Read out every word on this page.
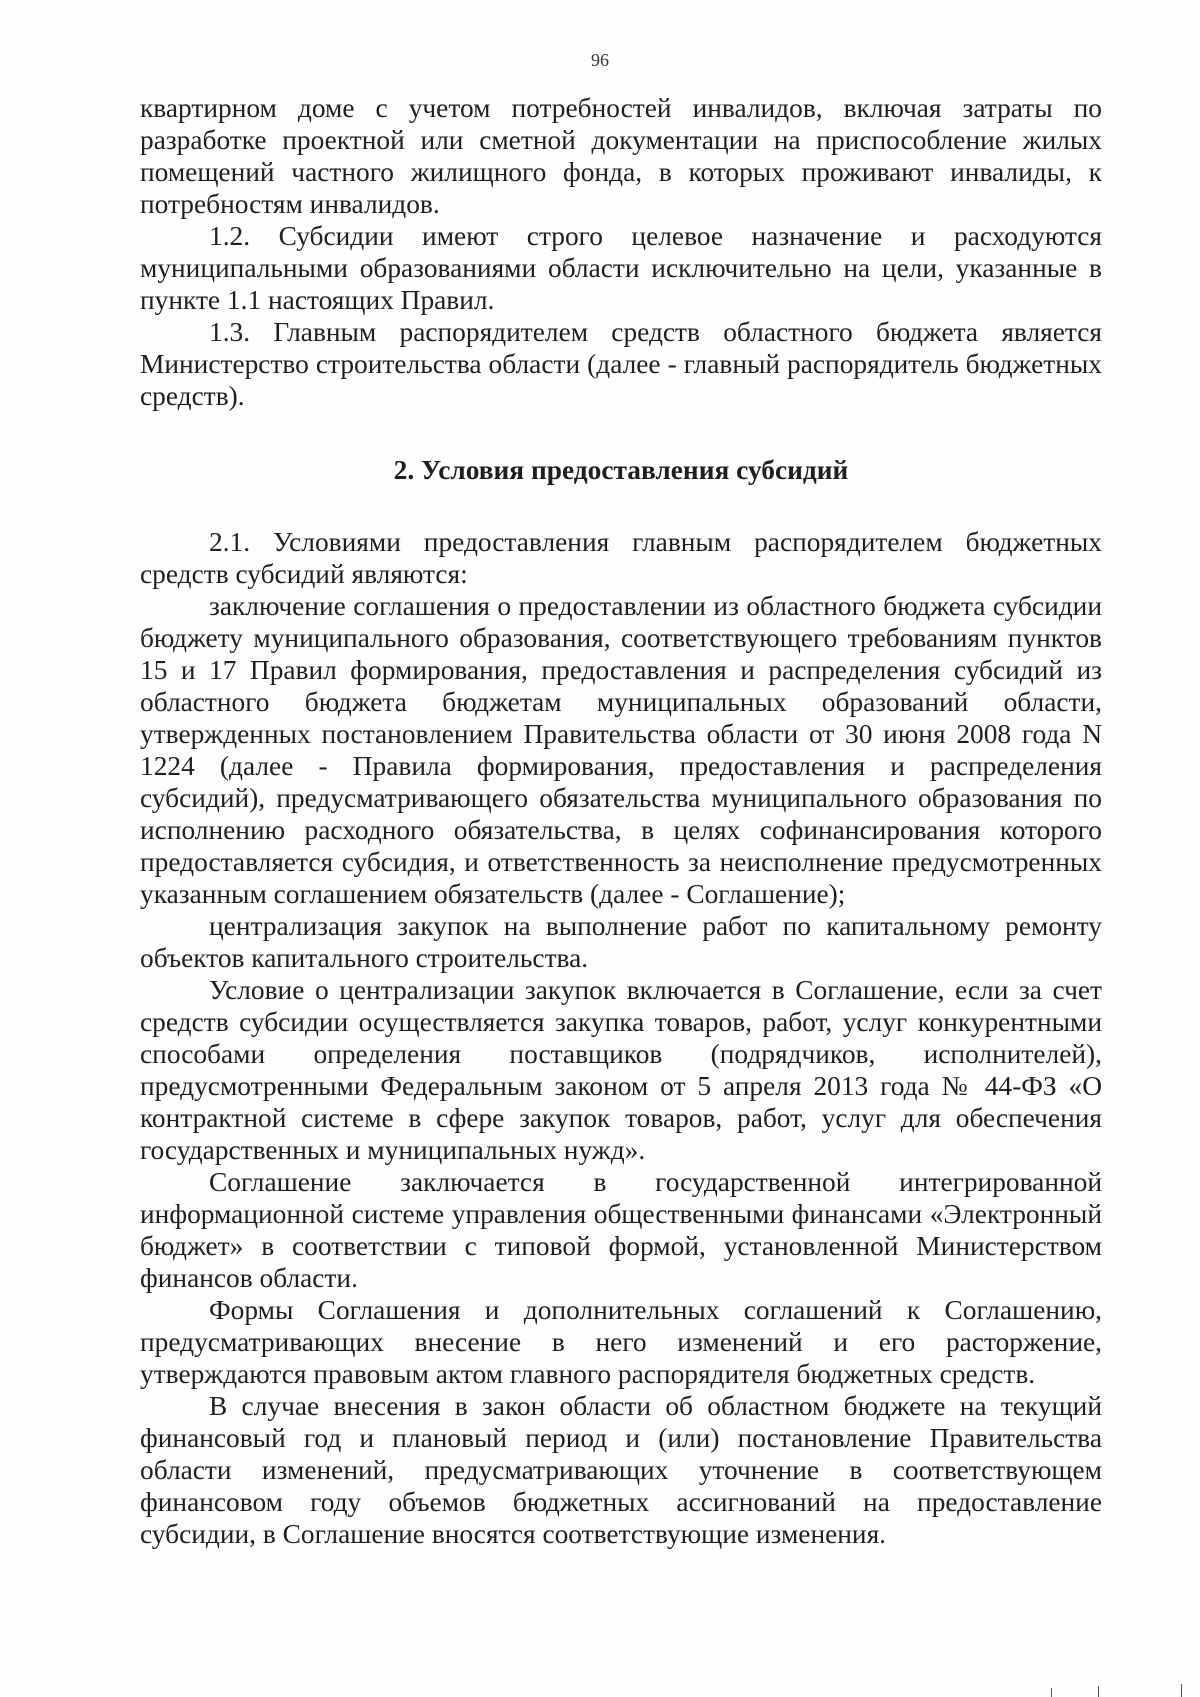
96

квартирном доме с учетом потребностей инвалидов, включая затраты по разработке проектной или сметной документации на приспособление жилых помещений частного жилищного фонда, в которых проживают инвалиды, к потребностям инвалидов.

1.2. Субсидии имеют строго целевое назначение и расходуются муниципальными образованиями области исключительно на цели, указанные в пункте 1.1 настоящих Правил.

1.3. Главным распорядителем средств областного бюджета является Министерство строительства области (далее - главный распорядитель бюджетных средств).

2. Условия предоставления субсидий

2.1. Условиями предоставления главным распорядителем бюджетных средств субсидий являются:

заключение соглашения о предоставлении из областного бюджета субсидии бюджету муниципального образования, соответствующего требованиям пунктов 15 и 17 Правил формирования, предоставления и распределения субсидий из областного бюджета бюджетам муниципальных образований области, утвержденных постановлением Правительства области от 30 июня 2008 года N 1224 (далее - Правила формирования, предоставления и распределения субсидий), предусматривающего обязательства муниципального образования по исполнению расходного обязательства, в целях софинансирования которого предоставляется субсидия, и ответственность за неисполнение предусмотренных указанным соглашением обязательств (далее - Соглашение);

централизация закупок на выполнение работ по капитальному ремонту объектов капитального строительства.

Условие о централизации закупок включается в Соглашение, если за счет средств субсидии осуществляется закупка товаров, работ, услуг конкурентными способами определения поставщиков (подрядчиков, исполнителей), предусмотренными Федеральным законом от 5 апреля 2013 года № 44-ФЗ «О контрактной системе в сфере закупок товаров, работ, услуг для обеспечения государственных и муниципальных нужд».

Соглашение заключается в государственной интегрированной информационной системе управления общественными финансами «Электронный бюджет» в соответствии с типовой формой, установленной Министерством финансов области.

Формы Соглашения и дополнительных соглашений к Соглашению, предусматривающих внесение в него изменений и его расторжение, утверждаются правовым актом главного распорядителя бюджетных средств.

В случае внесения в закон области об областном бюджете на текущий финансовый год и плановый период и (или) постановление Правительства области изменений, предусматривающих уточнение в соответствующем финансовом году объемов бюджетных ассигнований на предоставление субсидии, в Соглашение вносятся соответствующие изменения.
